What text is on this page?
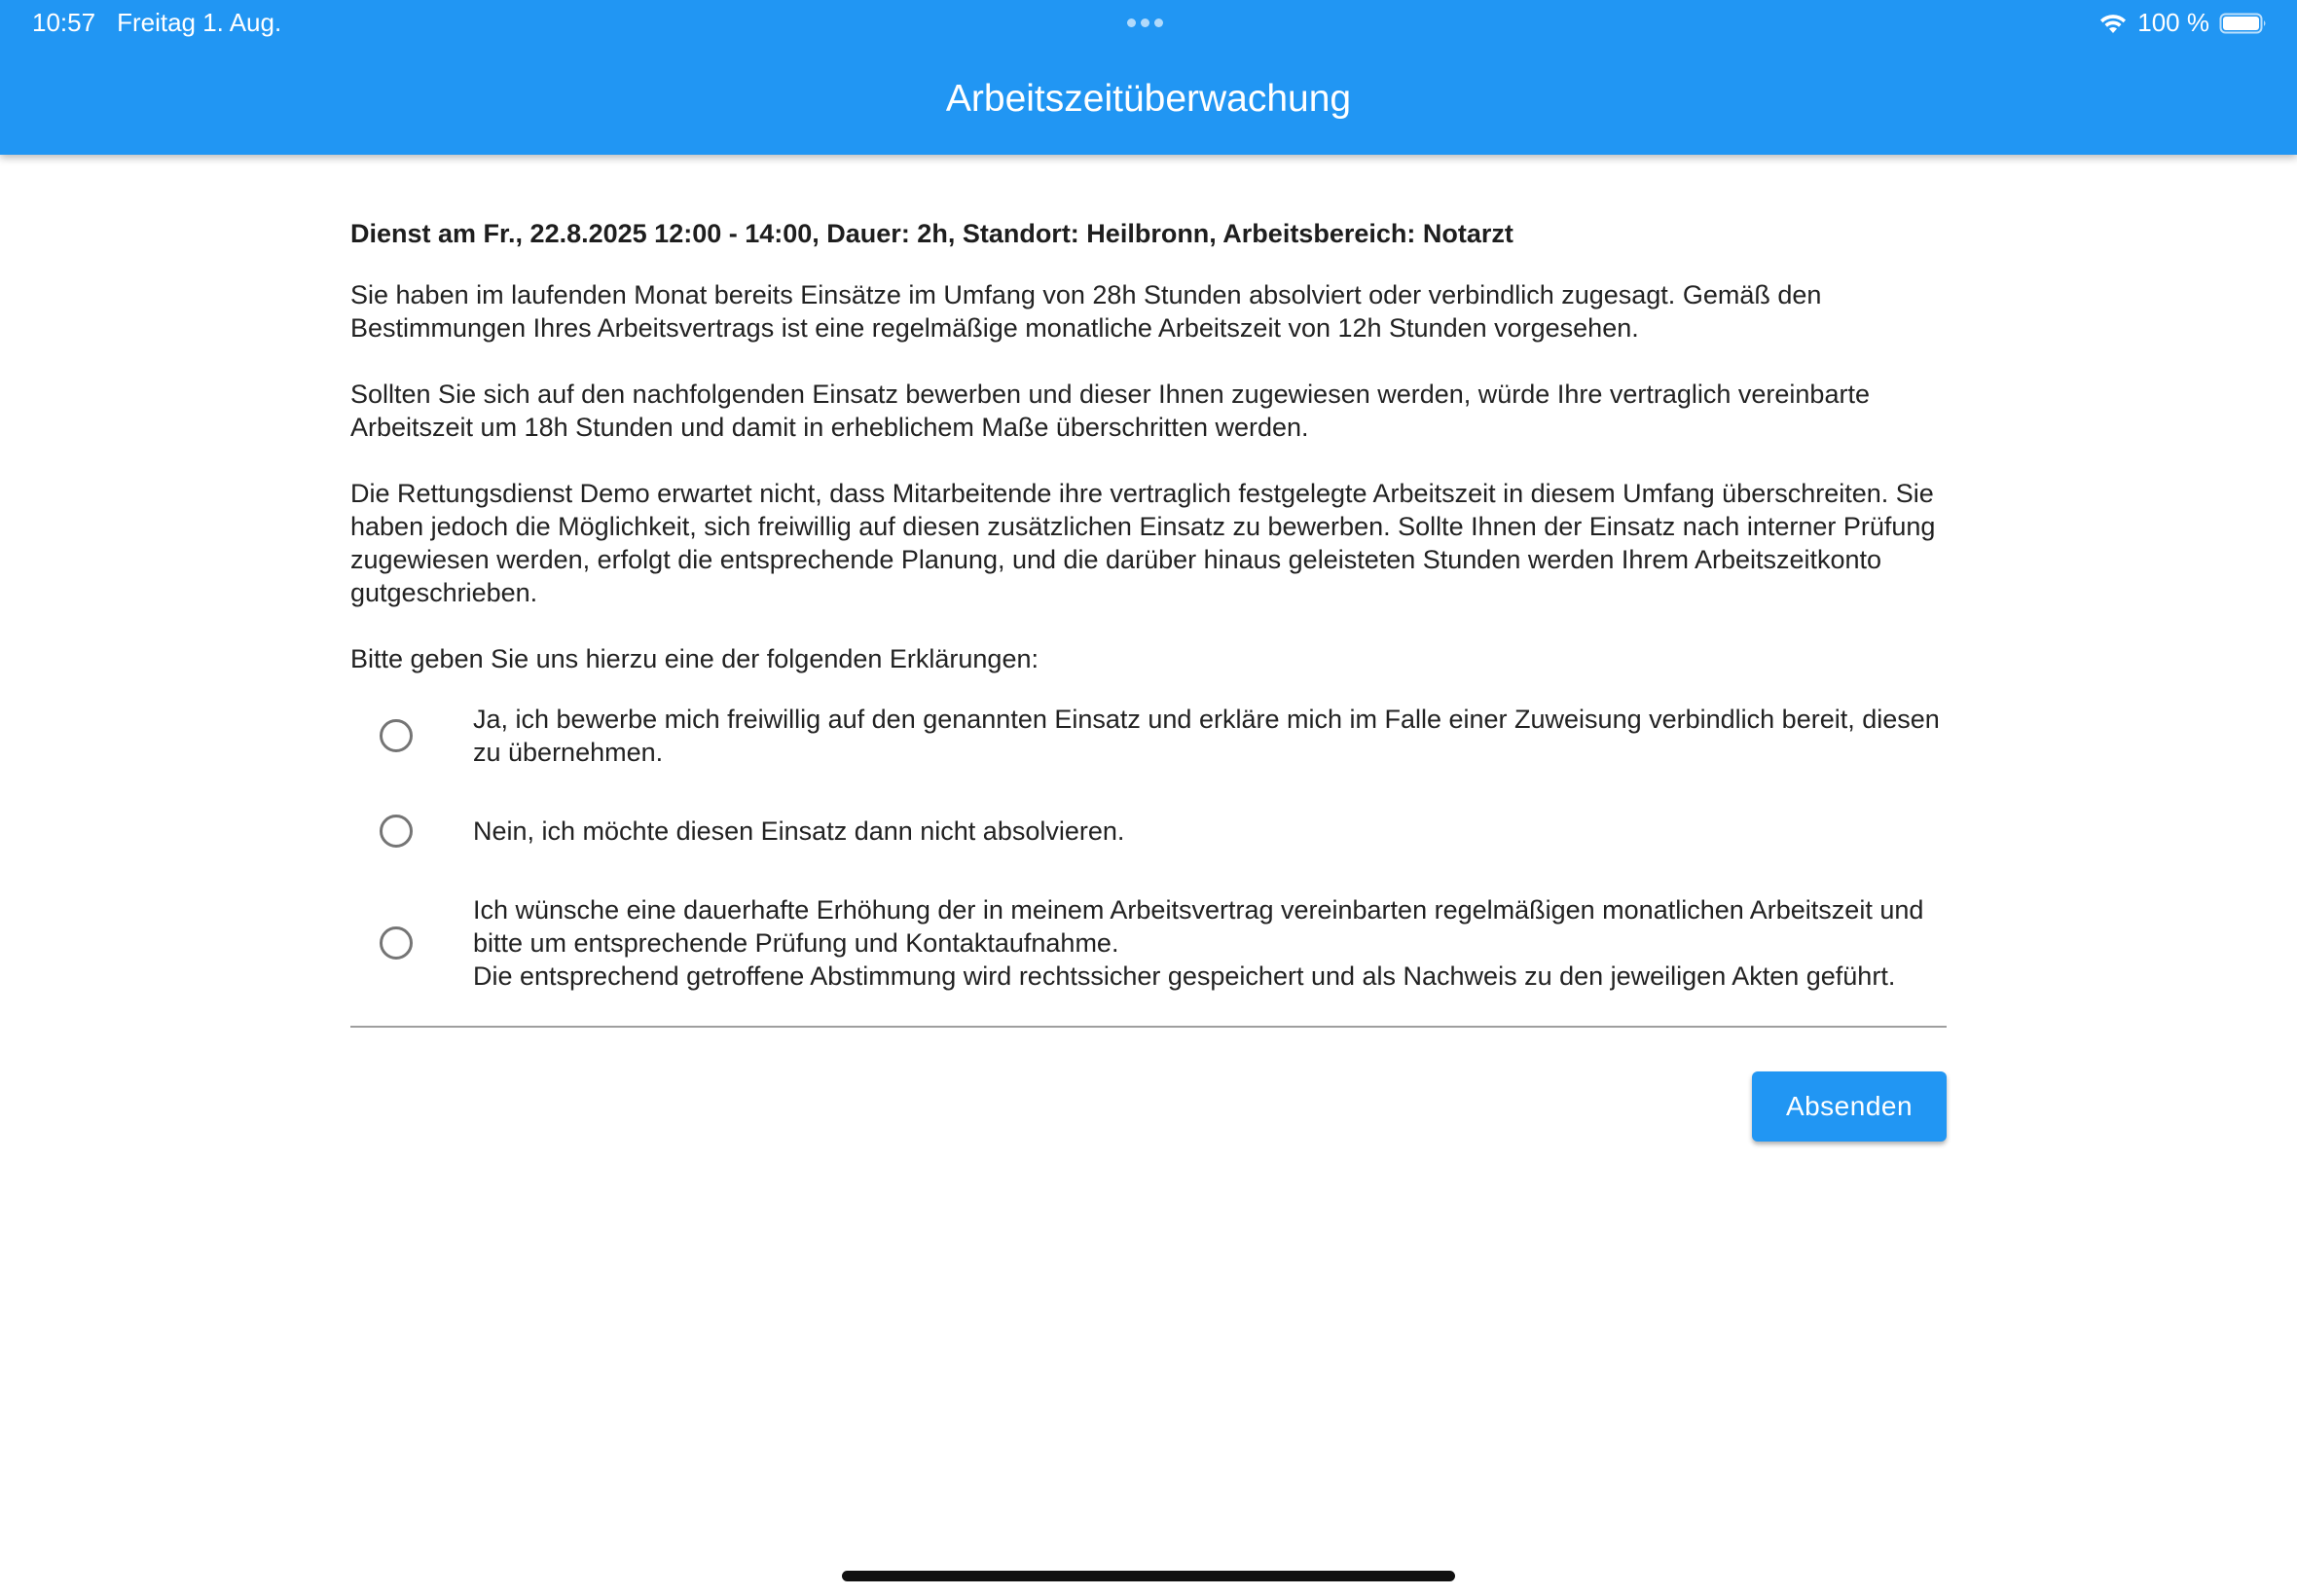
10:57 Freitag 1. Aug.	100 %
Arbeitszeitüberwachung
Dienst am Fr., 22.8.2025 12:00 - 14:00, Dauer: 2h, Standort: Heilbronn, Arbeitsbereich: Notarzt

Sie haben im laufenden Monat bereits Einsätze im Umfang von 28h Stunden absolviert oder verbindlich zugesagt. Gemäß den Bestimmungen Ihres Arbeitsvertrags ist eine regelmäßige monatliche Arbeitszeit von 12h Stunden vorgesehen.

Sollten Sie sich auf den nachfolgenden Einsatz bewerben und dieser Ihnen zugewiesen werden, würde Ihre vertraglich vereinbarte Arbeitszeit um 18h Stunden und damit in erheblichem Maße überschritten werden.

Die Rettungsdienst Demo erwartet nicht, dass Mitarbeitende ihre vertraglich festgelegte Arbeitszeit in diesem Umfang überschreiten. Sie haben jedoch die Möglichkeit, sich freiwillig auf diesen zusätzlichen Einsatz zu bewerben. Sollte Ihnen der Einsatz nach interner Prüfung zugewiesen werden, erfolgt die entsprechende Planung, und die darüber hinaus geleisteten Stunden werden Ihrem Arbeitszeitkonto gutgeschrieben.

Bitte geben Sie uns hierzu eine der folgenden Erklärungen:

Ja, ich bewerbe mich freiwillig auf den genannten Einsatz und erkläre mich im Falle einer Zuweisung verbindlich bereit, diesen zu übernehmen.
Nein, ich möchte diesen Einsatz dann nicht absolvieren.
Ich wünsche eine dauerhafte Erhöhung der in meinem Arbeitsvertrag vereinbarten regelmäßigen monatlichen Arbeitszeit und bitte um entsprechende Prüfung und Kontaktaufnahme.
Die entsprechend getroffene Abstimmung wird rechtssicher gespeichert und als Nachweis zu den jeweiligen Akten geführt.
Absenden
